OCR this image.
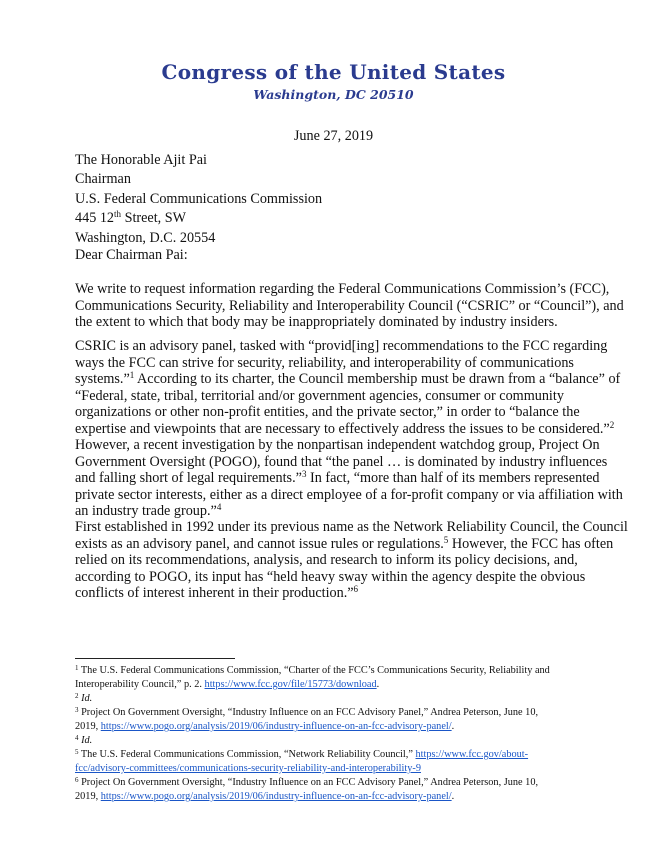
Congress of the United States
Washington, DC 20510
June 27, 2019
The Honorable Ajit Pai
Chairman
U.S. Federal Communications Commission
445 12th Street, SW
Washington, D.C. 20554
Dear Chairman Pai:
We write to request information regarding the Federal Communications Commission’s (FCC),
Communications Security, Reliability and Interoperability Council (“CSRIC” or “Council”), and
the extent to which that body may be inappropriately dominated by industry insiders.
CSRIC is an advisory panel, tasked with “provid[ing] recommendations to the FCC regarding
ways the FCC can strive for security, reliability, and interoperability of communications
systems.”$^1$ According to its charter, the Council membership must be drawn from a “balance” of
“Federal, state, tribal, territorial and/or government agencies, consumer or community
organizations or other non-profit entities, and the private sector,” in order to “balance the
expertise and viewpoints that are necessary to effectively address the issues to be considered.”$^2$
However, a recent investigation by the nonpartisan independent watchdog group, Project On
Government Oversight (POGO), found that “the panel … is dominated by industry influences
and falling short of legal requirements.”$^3$ In fact, “more than half of its members represented
private sector interests, either as a direct employee of a for-profit company or via affiliation with
an industry trade group.”$^4$
First established in 1992 under its previous name as the Network Reliability Council, the Council
exists as an advisory panel, and cannot issue rules or regulations.$^5$ However, the FCC has often
relied on its recommendations, analysis, and research to inform its policy decisions, and,
according to POGO, its input has “held heavy sway within the agency despite the obvious
conflicts of interest inherent in their production.”$^6$
$^1$ The U.S. Federal Communications Commission, “Charter of the FCC’s Communications Security, Reliability and
Interoperability Council,” p. 2. https://www.fcc.gov/file/15773/download.
$^2$ Id.
$^3$ Project On Government Oversight, “Industry Influence on an FCC Advisory Panel,” Andrea Peterson, June 10,
2019, https://www.pogo.org/analysis/2019/06/industry-influence-on-an-fcc-advisory-panel/.
$^4$ Id.
$^5$ The U.S. Federal Communications Commission, “Network Reliability Council,” https://www.fcc.gov/about-
fcc/advisory-committees/communications-security-reliability-and-interoperability-9
$^6$ Project On Government Oversight, “Industry Influence on an FCC Advisory Panel,” Andrea Peterson, June 10,
2019, https://www.pogo.org/analysis/2019/06/industry-influence-on-an-fcc-advisory-panel/.
